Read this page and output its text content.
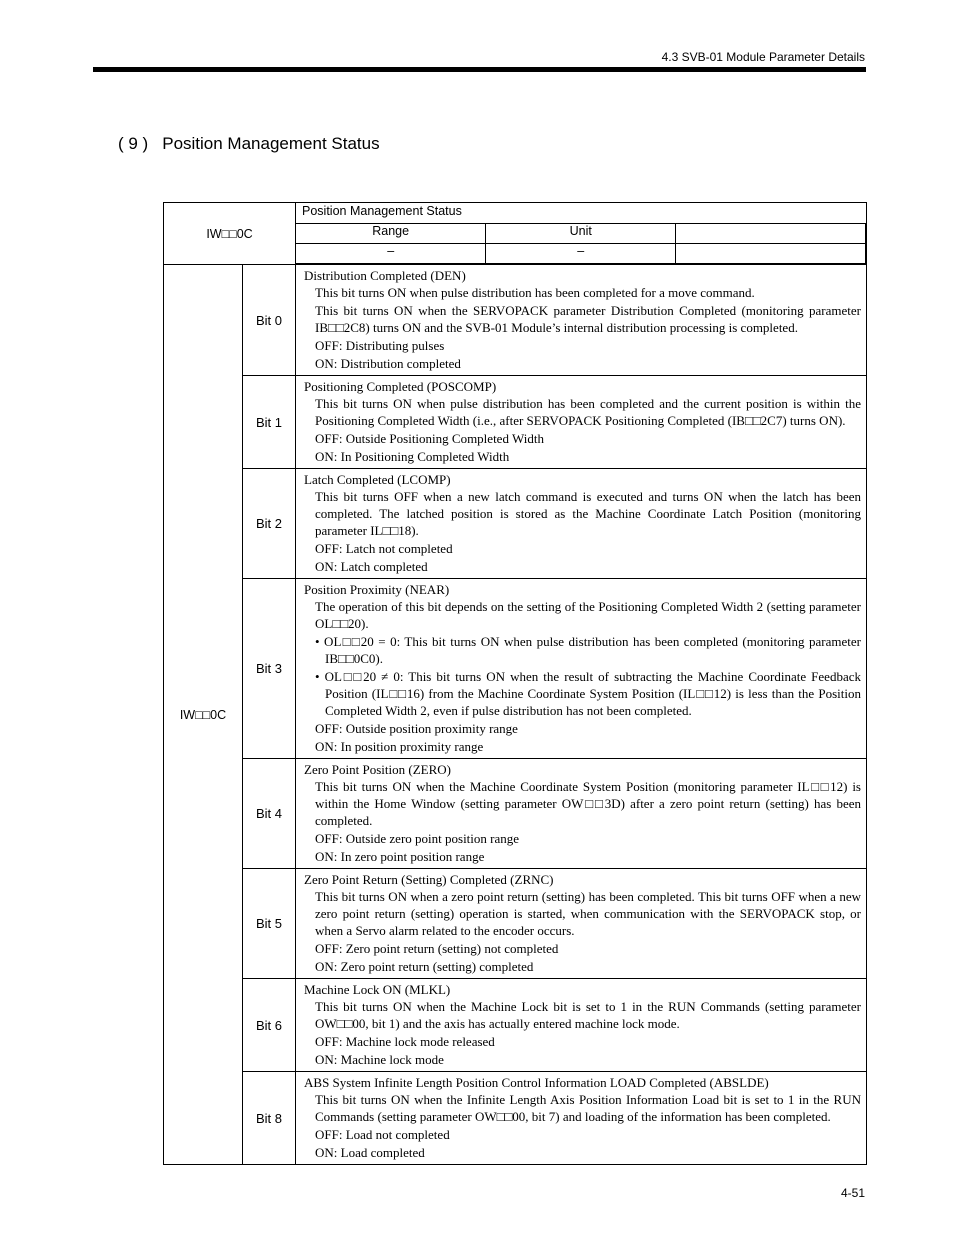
4.3 SVB-01 Module Parameter Details
( 9 ) Position Management Status
IW□□0C	
Position Management Status
Range	Unit	
–	–	

IW□□0C	Bit 0	
Distribution Completed (DEN)
This bit turns ON when pulse distribution has been completed for a move command.
This bit turns ON when the SERVOPACK parameter Distribution Completed (monitoring parameter IB□□2C8) turns ON and the SVB-01 Module’s internal distribution processing is completed.
OFF: Distributing pulses
ON: Distribution completed

Bit 1	
Positioning Completed (POSCOMP)
This bit turns ON when pulse distribution has been completed and the current position is within the Positioning Completed Width (i.e., after SERVOPACK Positioning Completed (IB□□2C7) turns ON).
OFF: Outside Positioning Completed Width
ON: In Positioning Completed Width

Bit 2	
Latch Completed (LCOMP)
This bit turns OFF when a new latch command is executed and turns ON when the latch has been completed. The latched position is stored as the Machine Coordinate Latch Position (monitoring parameter IL□□18).
OFF: Latch not completed
ON: Latch completed

Bit 3	
Position Proximity (NEAR)
The operation of this bit depends on the setting of the Positioning Completed Width 2 (setting parameter OL□□20).
• OL□□20 = 0: This bit turns ON when pulse distribution has been completed (monitoring parameter IB□□0C0).
• OL□□20 ≠ 0: This bit turns ON when the result of subtracting the Machine Coordinate Feedback Position (IL□□16) from the Machine Coordinate System Position (IL□□12) is less than the Position Completed Width 2, even if pulse distribution has not been completed.
OFF: Outside position proximity range
ON: In position proximity range

Bit 4	
Zero Point Position (ZERO)
This bit turns ON when the Machine Coordinate System Position (monitoring parameter IL□□12) is within the Home Window (setting parameter OW□□3D) after a zero point return (setting) has been completed.
OFF: Outside zero point position range
ON: In zero point position range

Bit 5	
Zero Point Return (Setting) Completed (ZRNC)
This bit turns ON when a zero point return (setting) has been completed. This bit turns OFF when a new zero point return (setting) operation is started, when communication with the SERVOPACK stop, or when a Servo alarm related to the encoder occurs.
OFF: Zero point return (setting) not completed
ON: Zero point return (setting) completed

Bit 6	
Machine Lock ON (MLKL)
This bit turns ON when the Machine Lock bit is set to 1 in the RUN Commands (setting parameter OW□□00, bit 1) and the axis has actually entered machine lock mode.
OFF: Machine lock mode released
ON: Machine lock mode

Bit 8	
ABS System Infinite Length Position Control Information LOAD Completed (ABSLDE)
This bit turns ON when the Infinite Length Axis Position Information Load bit is set to 1 in the RUN Commands (setting parameter OW□□00, bit 7) and loading of the information has been completed.
OFF: Load not completed
ON: Load completed
4-51
